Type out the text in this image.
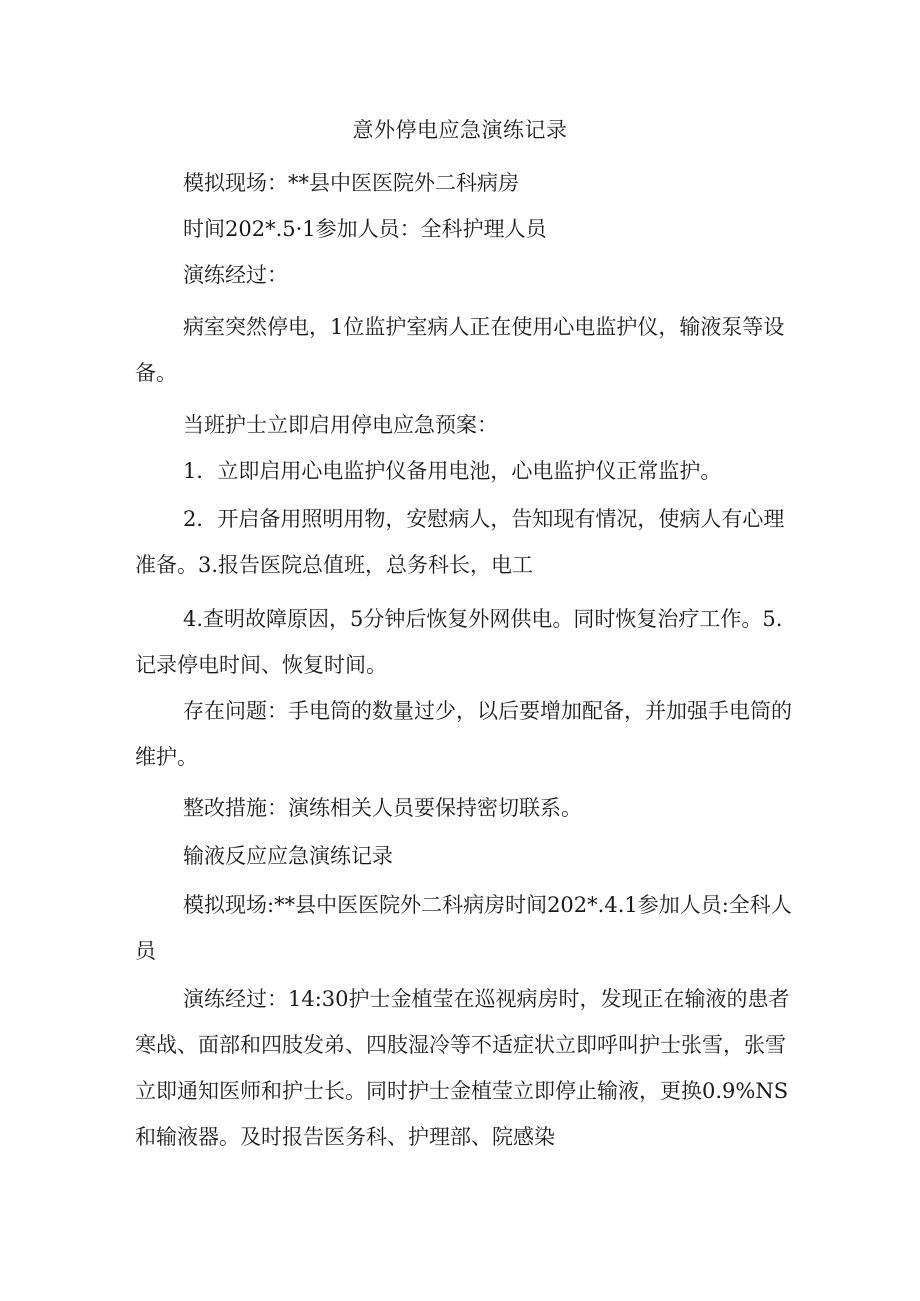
意外停电应急演练记录
模拟现场：**县中医医院外二科病房
时间202*.5·1参加人员：全科护理人员
演练经过：
病室突然停电，1位监护室病人正在使用心电监护仪，输液泵等设备。
当班护士立即启用停电应急预案：
1．立即启用心电监护仪备用电池，心电监护仪正常监护。
2．开启备用照明用物，安慰病人，告知现有情况，使病人有心理准备。3.报告医院总值班，总务科长，电工
4.查明故障原因，5分钟后恢复外网供电。同时恢复治疗工作。5.记录停电时间、恢复时间。
存在问题：手电筒的数量过少，以后要增加配备，并加强手电筒的维护。
整改措施：演练相关人员要保持密切联系。
输液反应应急演练记录
模拟现场:**县中医医院外二科病房时间202*.4.1参加人员:全科人员
演练经过：14:30护士金植莹在巡视病房时，发现正在输液的患者寒战、面部和四肢发弟、四肢湿冷等不适症状立即呼叫护士张雪，张雪立即通知医师和护士长。同时护士金植莹立即停止输液，更换0.9%NS和输液器。及时报告医务科、护理部、院感染
